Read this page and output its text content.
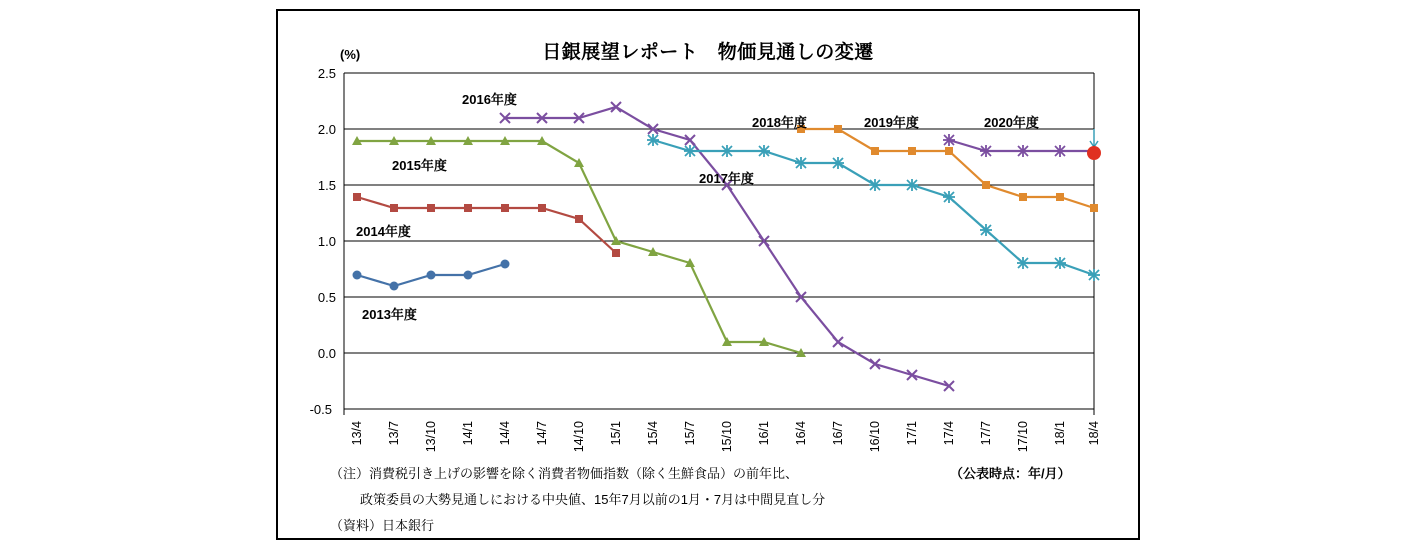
日銀展望レポート　物価見通しの変遷
(%)
2.5
2.0
1.5
1.0
0.5
0.0
-0.5
2013年度
2014年度
2015年度
2016年度
2017年度
2018年度	2019年度	2020年度
13/4 13/7 13/10 14/1 14/4 14/7 14/10 15/1 15/4 15/7 15/10 16/1 16/4 16/7 16/10 17/1 17/4 17/7 17/10 18/1 18/4
（注）消費税引き上げの影響を除く消費者物価指数（除く生鮮食品）の前年比、
政策委員の大勢見通しにおける中央値、15年7月以前の1月・7月は中間見直し分
（資料）日本銀行
（公表時点：年/月）
